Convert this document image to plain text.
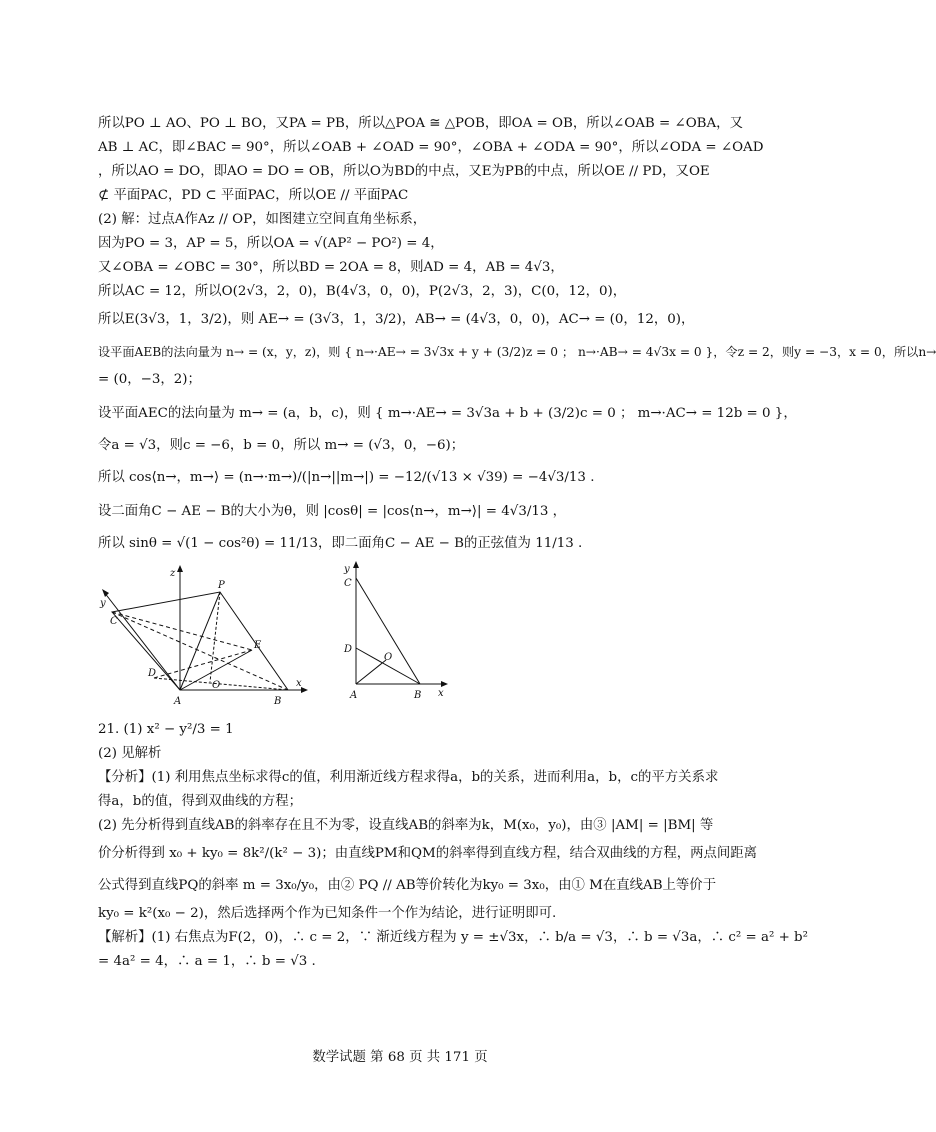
所以PO ⊥ AO、PO ⊥ BO，又PA = PB，所以△POA ≅ △POB，即OA = OB，所以∠OAB = ∠OBA，又
AB ⊥ AC，即∠BAC = 90°，所以∠OAB + ∠OAD = 90°，∠OBA + ∠ODA = 90°，所以∠ODA = ∠OAD
，所以AO = DO，即AO = DO = OB，所以O为BD的中点，又E为PB的中点，所以OE // PD，又OE
⊄ 平面PAC，PD ⊂ 平面PAC，所以OE // 平面PAC
(2) 解：过点A作Az // OP，如图建立空间直角坐标系，
因为PO = 3，AP = 5，所以OA = √(AP² − PO²) = 4，
又∠OBA = ∠OBC = 30°，所以BD = 2OA = 8，则AD = 4，AB = 4√3，
所以AC = 12，所以O(2√3，2，0)，B(4√3，0，0)，P(2√3，2，3)，C(0，12，0)，
所以E(3√3，1，3/2)，则 AE→ = (3√3，1，3/2)，AB→ = (4√3，0，0)，AC→ = (0，12，0)，
设平面AEB的法向量为 n→ = (x，y，z)，则 { n→·AE→ = 3√3x + y + (3/2)z = 0 ； n→·AB→ = 4√3x = 0 }，令z = 2，则y = −3，x = 0，所以n→
= (0，−3，2)；
设平面AEC的法向量为 m→ = (a，b，c)，则 { m→·AE→ = 3√3a + b + (3/2)c = 0 ； m→·AC→ = 12b = 0 }，
令a = √3，则c = −6，b = 0，所以 m→ = (√3，0，−6)；
所以 cos⟨n→，m→⟩ = (n→·m→)/(|n→||m→|) = −12/(√13 × √39) = −4√3/13 .
设二面角C − AE − B的大小为θ，则 |cosθ| = |cos⟨n→，m→⟩| = 4√3/13 ，
所以 sinθ = √(1 − cos²θ) = 11/13，即二面角C − AE − B的正弦值为 11/13 .
z
y
P
C
E
D
O
A	B
x
y
C
D
O
A	B x
21. (1) x² − y²/3 = 1
(2) 见解析
【分析】(1) 利用焦点坐标求得c的值，利用渐近线方程求得a，b的关系，进而利用a，b，c的平方关系求
得a，b的值，得到双曲线的方程；
(2) 先分析得到直线AB的斜率存在且不为零，设直线AB的斜率为k，M(x₀，y₀)，由③ |AM| = |BM| 等
价分析得到 x₀ + ky₀ = 8k²/(k² − 3)；由直线PM和QM的斜率得到直线方程，结合双曲线的方程，两点间距离
公式得到直线PQ的斜率 m = 3x₀/y₀，由② PQ // AB等价转化为ky₀ = 3x₀，由① M在直线AB上等价于
ky₀ = k²(x₀ − 2)，然后选择两个作为已知条件一个作为结论，进行证明即可.
【解析】(1) 右焦点为F(2，0)，∴ c = 2，∵ 渐近线方程为 y = ±√3x，∴ b/a = √3，∴ b = √3a，∴ c² = a² + b²
= 4a² = 4，∴ a = 1，∴ b = √3 .
数学试题 第 68 页 共 171 页
